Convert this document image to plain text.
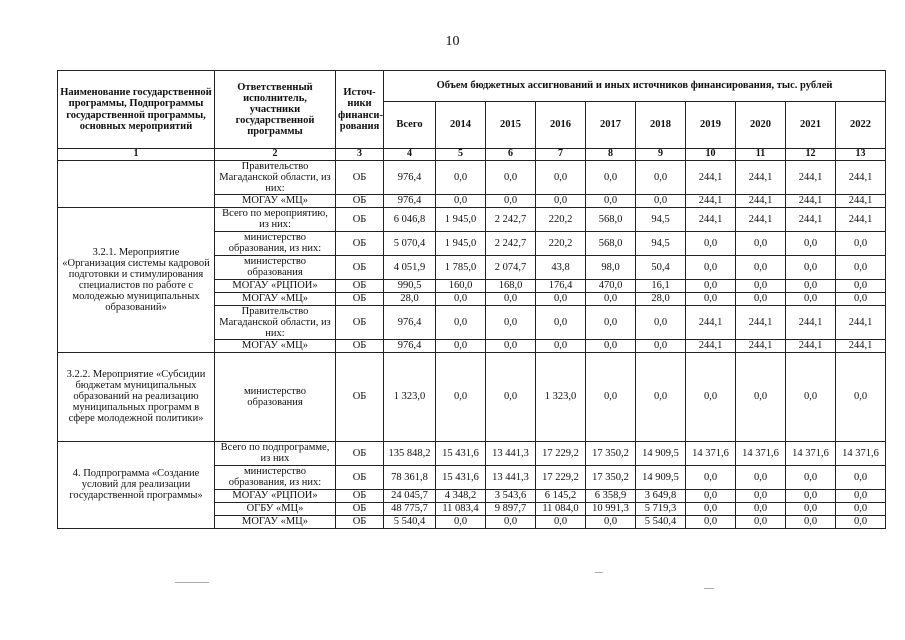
10
Наименование государственной программы, Подпрограммы государственной программы, основных мероприятий	Ответственный исполнитель, участники государственной программы	Источ- ники финанси- рования	Объем бюджетных ассигнований и иных источников финансирования, тыс. рублей									
			Всего	2014	2015	2016	2017	2018	2019	2020	2021	2022
1	2	3	4	5	6	7	8	9	10	11	12	13
	Правительство Магаданской области, из них:	ОБ	976,4	0,0	0,0	0,0	0,0	0,0	244,1	244,1	244,1	244,1
	МОГАУ «МЦ»	ОБ	976,4	0,0	0,0	0,0	0,0	0,0	244,1	244,1	244,1	244,1
3.2.1. Мероприятие «Организация системы кадровой подготовки и стимулирования специалистов по работе с молодежью муниципальных образований»	Всего по мероприятию, из них:	ОБ	6 046,8	1 945,0	2 242,7	220,2	568,0	94,5	244,1	244,1	244,1	244,1
	министерство образования, из них:	ОБ	5 070,4	1 945,0	2 242,7	220,2	568,0	94,5	0,0	0,0	0,0	0,0
	министерство образования	ОБ	4 051,9	1 785,0	2 074,7	43,8	98,0	50,4	0,0	0,0	0,0	0,0
	МОГАУ «РЦПОИ»	ОБ	990,5	160,0	168,0	176,4	470,0	16,1	0,0	0,0	0,0	0,0
	МОГАУ «МЦ»	ОБ	28,0	0,0	0,0	0,0	0,0	28,0	0,0	0,0	0,0	0,0
	Правительство Магаданской области, из них:	ОБ	976,4	0,0	0,0	0,0	0,0	0,0	244,1	244,1	244,1	244,1
	МОГАУ «МЦ»	ОБ	976,4	0,0	0,0	0,0	0,0	0,0	244,1	244,1	244,1	244,1
3.2.2. Мероприятие «Субсидии бюджетам муниципальных образований на реализацию муниципальных программ в сфере молодежной политики»	министерство образования	ОБ	1 323,0	0,0	0,0	1 323,0	0,0	0,0	0,0	0,0	0,0	0,0
4. Подпрограмма «Создание условий для реализации государственной программы»	Всего по подпрограмме, из них	ОБ	135 848,2	15 431,6	13 441,3	17 229,2	17 350,2	14 909,5	14 371,6	14 371,6	14 371,6	14 371,6
	министерство образования, из них:	ОБ	78 361,8	15 431,6	13 441,3	17 229,2	17 350,2	14 909,5	0,0	0,0	0,0	0,0
	МОГАУ «РЦПОИ»	ОБ	24 045,7	4 348,2	3 543,6	6 145,2	6 358,9	3 649,8	0,0	0,0	0,0	0,0
	ОГБУ «МЦ»	ОБ	48 775,7	11 083,4	9 897,7	11 084,0	10 991,3	5 719,3	0,0	0,0	0,0	0,0
	МОГАУ «МЦ»	ОБ	5 540,4	0,0	0,0	0,0	0,0	5 540,4	0,0	0,0	0,0	0,0
